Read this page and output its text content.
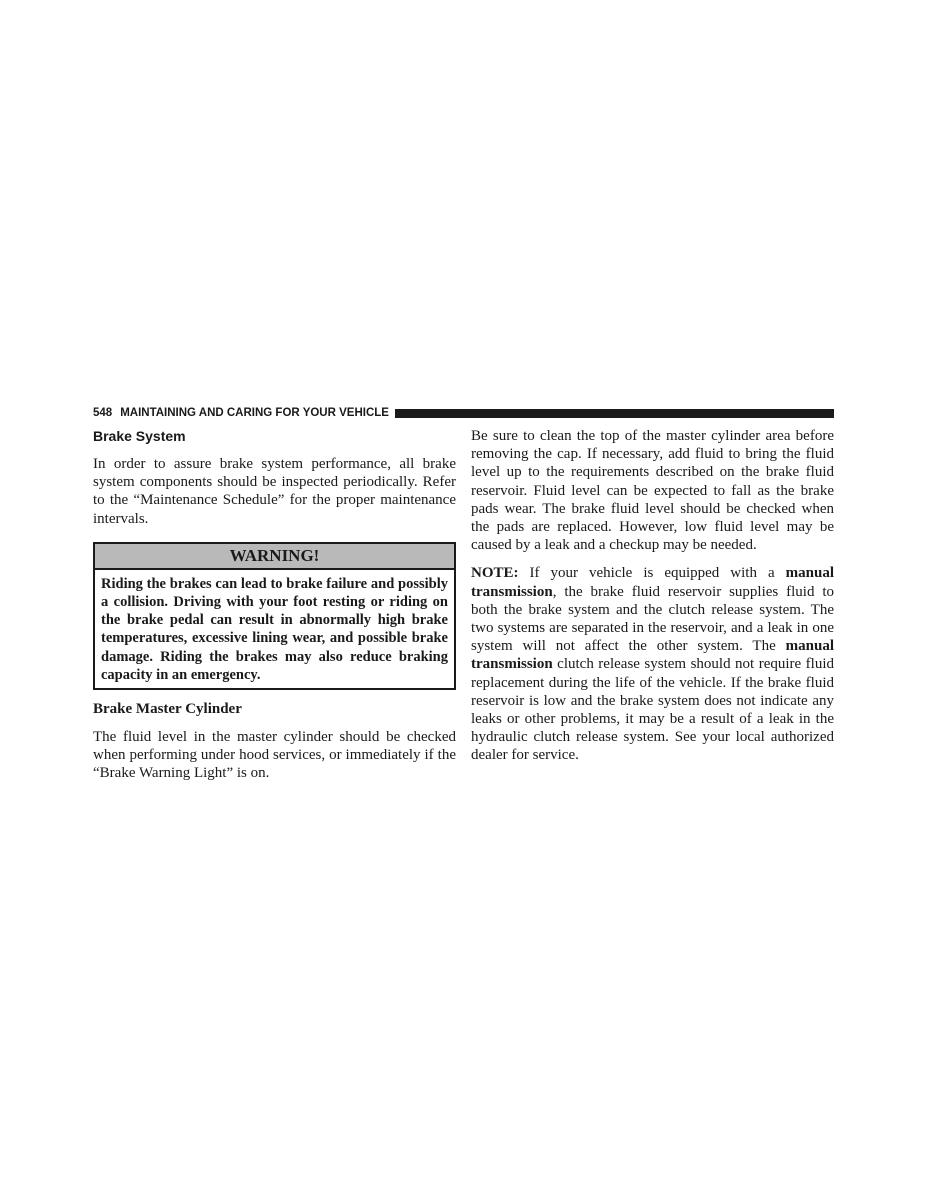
548 MAINTAINING AND CARING FOR YOUR VEHICLE
Brake System

In order to assure brake system performance, all brake system components should be inspected periodically. Refer to the “Maintenance Schedule” for the proper maintenance intervals.

WARNING!
Riding the brakes can lead to brake failure and possibly a collision. Driving with your foot resting or riding on the brake pedal can result in abnormally high brake temperatures, excessive lining wear, and possible brake damage. Riding the brakes may also reduce braking capacity in an emergency.
Brake Master Cylinder

The fluid level in the master cylinder should be checked when performing under hood services, or immediately if the “Brake Warning Light” is on.

Be sure to clean the top of the master cylinder area before removing the cap. If necessary, add fluid to bring the fluid level up to the requirements described on the brake fluid reservoir. Fluid level can be expected to fall as the brake pads wear. The brake fluid level should be checked when the pads are replaced. However, low fluid level may be caused by a leak and a checkup may be needed.

NOTE: If your vehicle is equipped with a manual transmission, the brake fluid reservoir supplies fluid to both the brake system and the clutch release system. The two systems are separated in the reservoir, and a leak in one system will not affect the other system. The manual transmission clutch release system should not require fluid replacement during the life of the vehicle. If the brake fluid reservoir is low and the brake system does not indicate any leaks or other problems, it may be a result of a leak in the hydraulic clutch release system. See your local authorized dealer for service.
